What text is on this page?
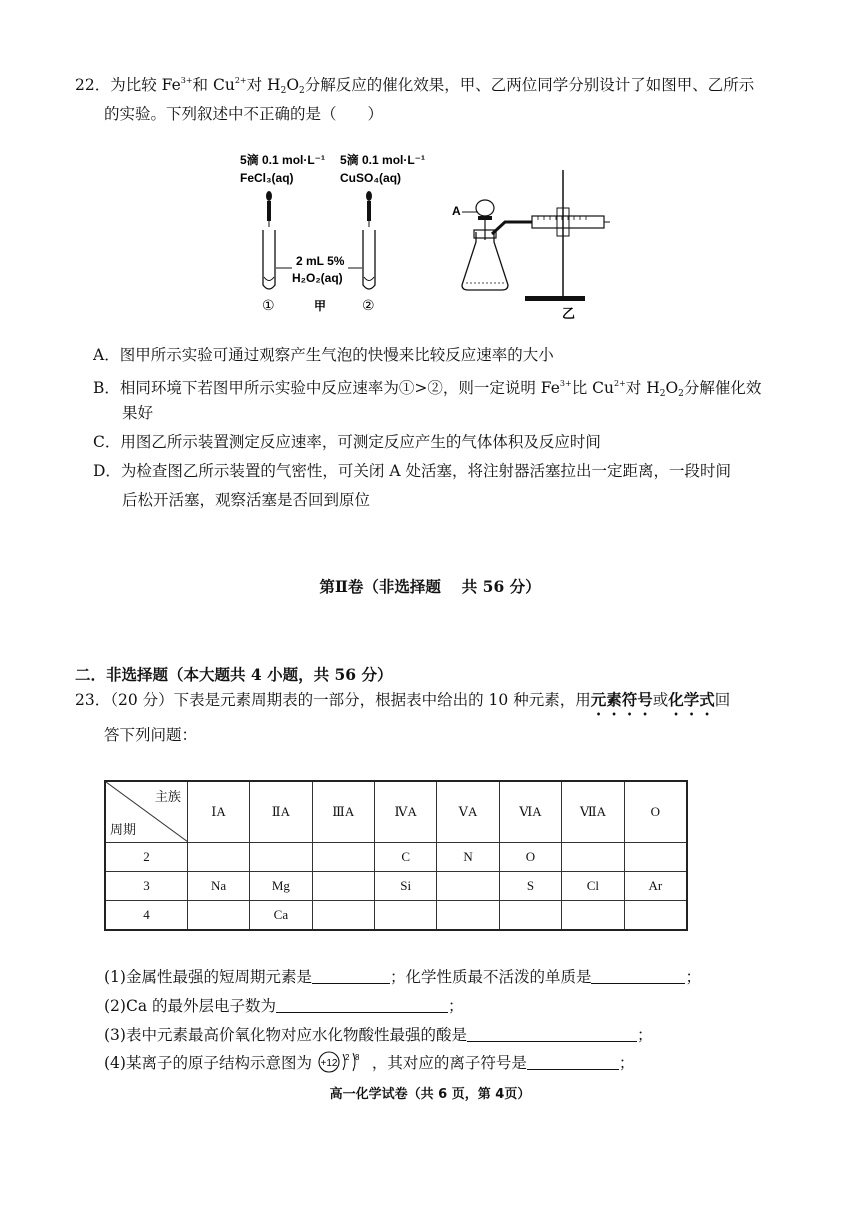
22．为比较 $Fe^{3+}$和 $Cu^{2+}$对 $H_2O_2$分解反应的催化效果，甲、乙两位同学分别设计了如图甲、乙所示
的实验。下列叙述中不正确的是（　　）
5滴 0.1 mol·L⁻¹
FeCl₃(aq)
5滴 0.1 mol·L⁻¹
CuSO₄(aq)
2 mL 5%
H₂O₂(aq)
①	甲	②
A
乙
A．图甲所示实验可通过观察产生气泡的快慢来比较反应速率的大小
B．相同环境下若图甲所示实验中反应速率为①>②，则一定说明 $Fe^{3+}$比 $Cu^{2+}$对 $H_2O_2$分解催化效
果好
C．用图乙所示装置测定反应速率，可测定反应产生的气体体积及反应时间
D．为检查图乙所示装置的气密性，可关闭 A 处活塞，将注射器活塞拉出一定距离，一段时间
后松开活塞，观察活塞是否回到原位
第Ⅱ卷（非选择题　 共 56 分）
二．非选择题（本大题共 4 小题，共 56 分）
23．（20 分）下表是元素周期表的一部分，根据表中给出的 10 种元素，用元素符号或化学式回
答下列问题：
主族
周期	ⅠA	ⅡA	ⅢA	ⅣA	ⅤA	ⅥA	ⅦA	O
2				C	N	O		
3	Na	Mg		Si		S	Cl	Ar
4		Ca						
(1)金属性最强的短周期元素是	；化学性质最不活泼的单质是	；
(2)Ca 的最外层电子数为	；
(3)表中元素最高价氧化物对应水化物酸性最强的酸是	；
(4)某离子的原子结构示意图为 +12
2 8 ，其对应的离子符号是	；
高一化学试卷（共 6 页，第 4页）
